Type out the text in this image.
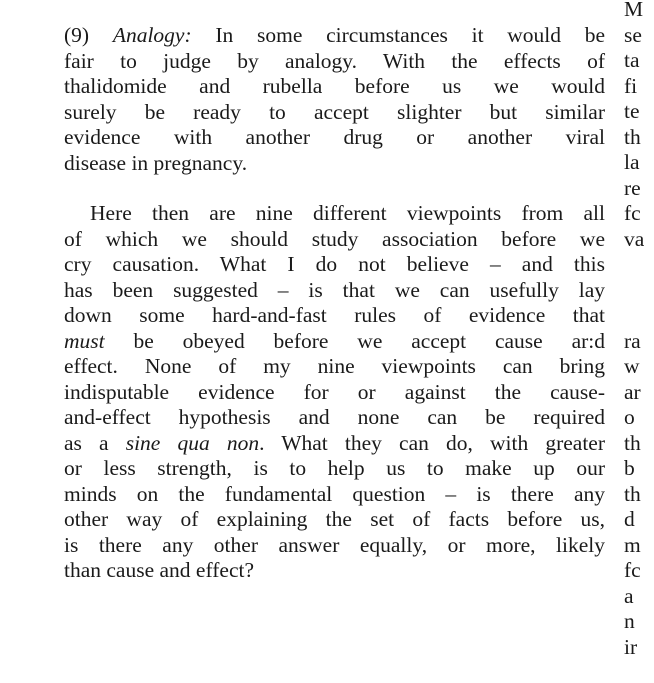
(9) Analogy: In some circumstances it would be
fair to judge by analogy. With the effects of
thalidomide and rubella before us we would
surely be ready to accept slighter but similar
evidence with another drug or another viral
disease in pregnancy.

Here then are nine different viewpoints from all
of which we should study association before we
cry causation. What I do not believe – and this
has been suggested – is that we can usefully lay
down some hard-and-fast rules of evidence that
must be obeyed before we accept cause ar:d
effect. None of my nine viewpoints can bring
indisputable evidence for or against the cause-
and-effect hypothesis and none can be required
as a sine qua non. What they can do, with greater
or less strength, is to help us to make up our
minds on the fundamental question – is there any
other way of explaining the set of facts before us,
is there any other answer equally, or more, likely
than cause and effect?

M
se
ta
fi
te
th
la
re
fc
va
ra
w
ar
o
th
b
th
d
m
fc
a
n
ir
